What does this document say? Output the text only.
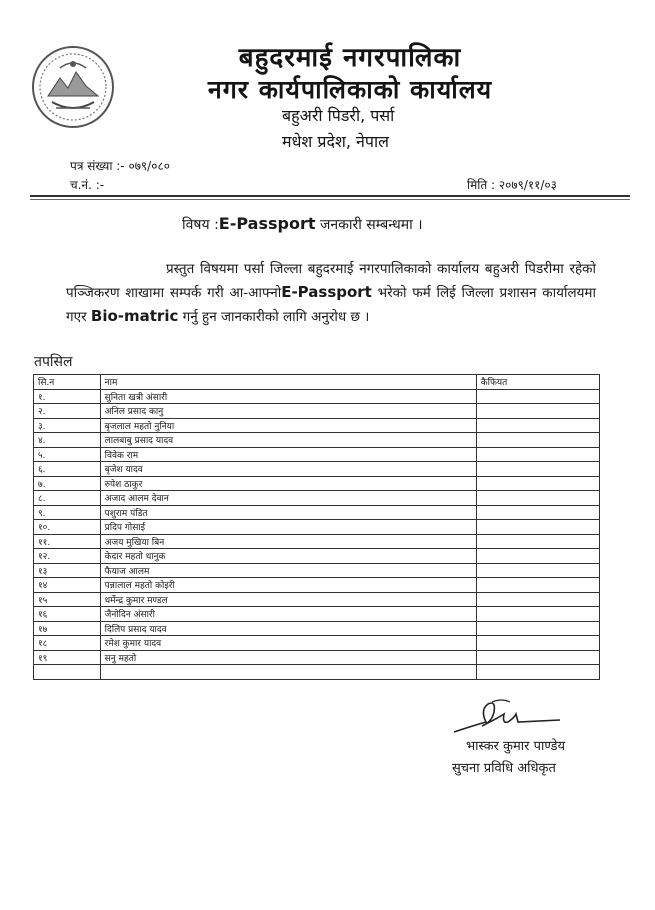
बहुदरमाई नगरपालिका
नगर कार्यपालिकाको कार्यालय
बहुअरी पिडरी, पर्सा
मधेश प्रदेश, नेपाल
पत्र संख्या :- ०७९/०८०
च.नं. :-	मिति : २०७९/११/०३
विषय :E-Passport जनकारी सम्बन्धमा ।
प्रस्तुत विषयमा पर्सा जिल्ला बहुदरमाई नगरपालिकाको कार्यालय बहुअरी पिडरीमा रहेको पञ्जिकरण शाखामा सम्पर्क गरी आ-आफ्नोE-Passport भरेको फर्म लिई जिल्ला प्रशासन कार्यालयमा गएर Bio-matric गर्नु हुन जानकारीको लागि अनुरोध छ ।
तपसिल
सि.न	नाम	कैफियत
१.	सुनिता खत्री अंसारी	
२.	अनिल प्रसाद कानु	
३.	बृजलाल महतो नुनिया	
४.	लालबाबु प्रसाद यादव	
५.	विवेक राम	
६.	बृजेश यादव	
७.	रुपेश ठाकुर	
८.	अजाद आलम देवान	
९.	पशुराम पंडित	
१०.	प्रदिप गोसाई	
११.	अजय मुखिया बिन	
१२.	केदार महतो धानुक	
१३	फैयाज आलम	
१४	पन्नालाल महतो कोइरी	
१५	धर्मेन्द्र कुमार मण्डल	
१६	जैनोदिन अंसारी	
१७	दिलिप प्रसाद यादव	
१८	रमेश कुमार यादव	
१९	सनु महतो	

भास्कर कुमार पाण्डेय
सुचना प्रविधि अधिकृत
